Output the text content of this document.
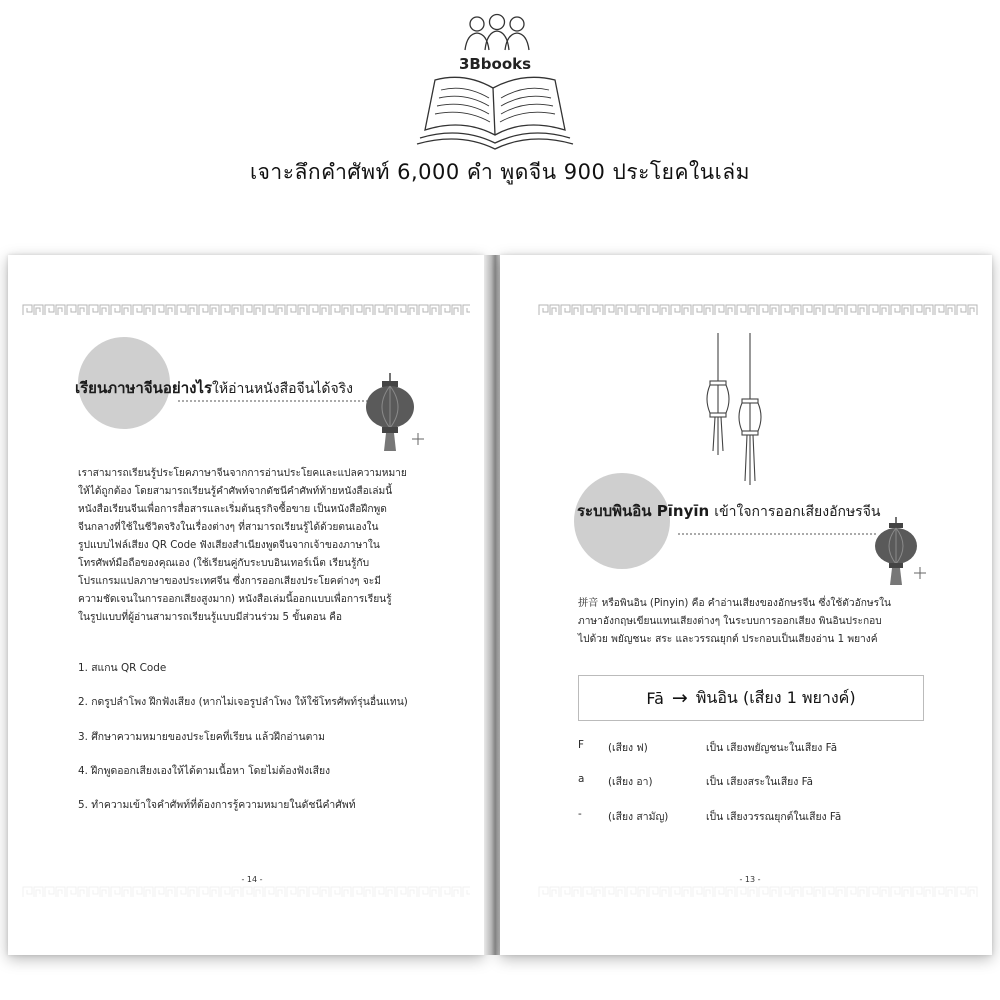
3Bbooks
เจาะลึกคำศัพท์ 6,000 คำ พูดจีน 900 ประโยคในเล่ม
เรียนภาษาจีนอย่างไรให้อ่านหนังสือจีนได้จริง
เราสามารถเรียนรู้ประโยคภาษาจีนจากการอ่านประโยคและแปลความหมาย
ให้ได้ถูกต้อง โดยสามารถเรียนรู้คำศัพท์จากดัชนีคำศัพท์ท้ายหนังสือเล่มนี้
หนังสือเรียนจีนเพื่อการสื่อสารและเริ่มต้นธุรกิจซื้อขาย เป็นหนังสือฝึกพูด
จีนกลางที่ใช้ในชีวิตจริงในเรื่องต่างๆ ที่สามารถเรียนรู้ได้ด้วยตนเองใน
รูปแบบไฟล์เสียง QR Code ฟังเสียงสำเนียงพูดจีนจากเจ้าของภาษาใน
โทรศัพท์มือถือของคุณเอง (ใช้เรียนคู่กับระบบอินเทอร์เน็ต เรียนรู้กับ
โปรแกรมแปลภาษาของประเทศจีน ซึ่งการออกเสียงประโยคต่างๆ จะมี
ความชัดเจนในการออกเสียงสูงมาก) หนังสือเล่มนี้ออกแบบเพื่อการเรียนรู้
ในรูปแบบที่ผู้อ่านสามารถเรียนรู้แบบมีส่วนร่วม 5 ขั้นตอน คือ
1. สแกน QR Code
2. กดรูปลำโพง ฝึกฟังเสียง (หากไม่เจอรูปลำโพง ให้ใช้โทรศัพท์รุ่นอื่นแทน)
3. ศึกษาความหมายของประโยคที่เรียน แล้วฝึกอ่านตาม
4. ฝึกพูดออกเสียงเองให้ได้ตามเนื้อหา โดยไม่ต้องฟังเสียง
5. ทำความเข้าใจคำศัพท์ที่ต้องการรู้ความหมายในดัชนีคำศัพท์
- 14 -
ระบบพินอิน Pīnyīn เข้าใจการออกเสียงอักษรจีน
拼音 หรือพินอิน (Pinyin) คือ คำอ่านเสียงของอักษรจีน ซึ่งใช้ตัวอักษรใน
ภาษาอังกฤษเขียนแทนเสียงต่างๆ ในระบบการออกเสียง พินอินประกอบ
ไปด้วย พยัญชนะ สระ และวรรณยุกต์ ประกอบเป็นเสียงอ่าน 1 พยางค์
Fā → พินอิน (เสียง 1 พยางค์)
F (เสียง ฟ)	เป็น เสียงพยัญชนะในเสียง Fā
a (เสียง อา)	เป็น เสียงสระในเสียง Fā
-	(เสียง สามัญ)	เป็น เสียงวรรณยุกต์ในเสียง Fā
- 13 -
